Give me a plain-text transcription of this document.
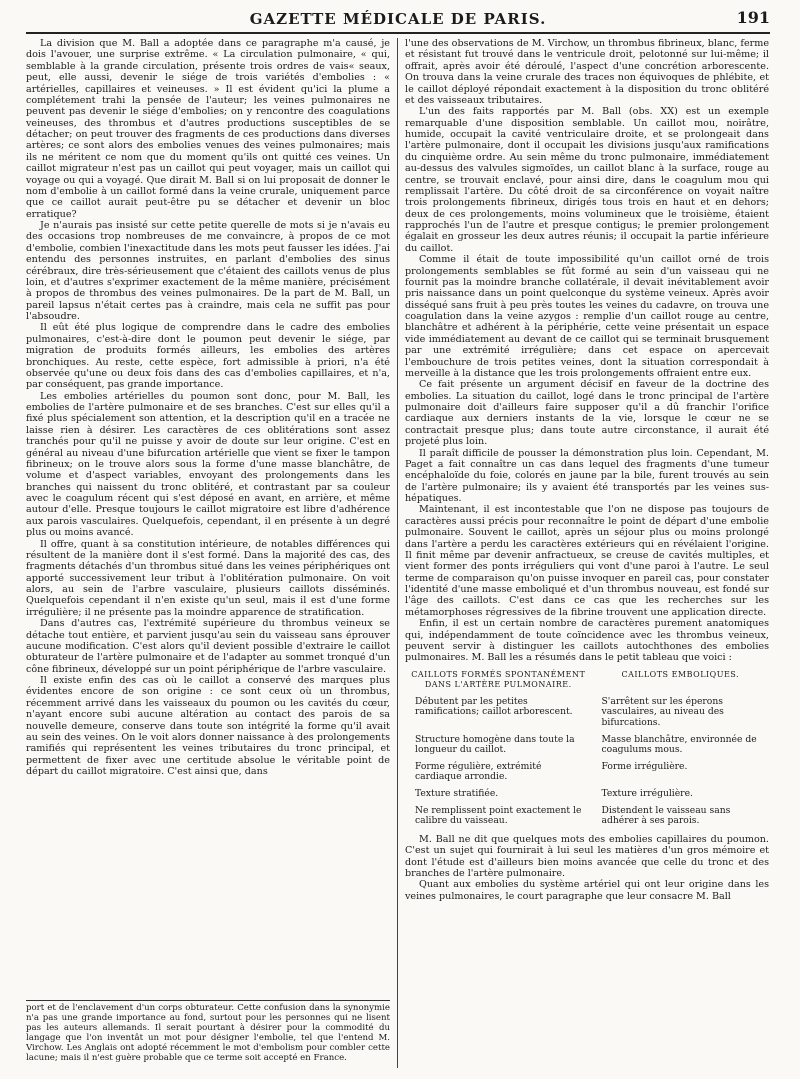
GAZETTE MÉDICALE DE PARIS.	191

La division que M. Ball a adoptée dans ce paragraphe m'a causé, je dois l'avouer, une surprise extrême. « La circulation pulmonaire, « qui, semblable à la grande circulation, présente trois ordres de vais« seaux, peut, elle aussi, devenir le siége de trois variétés d'embolies : « artérielles, capillaires et veineuses. » Il est évident qu'ici la plume a complétement trahi la pensée de l'auteur; les veines pulmonaires ne peuvent pas devenir le siége d'embolies; on y rencontre des coagulations veineuses, des thrombus et d'autres productions susceptibles de se détacher; on peut trouver des fragments de ces productions dans diverses artères; ce sont alors des embolies venues des veines pulmonaires; mais ils ne méritent ce nom que du moment qu'ils ont quitté ces veines. Un caillot migrateur n'est pas un caillot qui peut voyager, mais un caillot qui voyage ou qui a voyagé. Que dirait M. Ball si on lui proposait de donner le nom d'embolie à un caillot formé dans la veine crurale, uniquement parce que ce caillot aurait peut-être pu se détacher et devenir un bloc erratique?

Je n'aurais pas insisté sur cette petite querelle de mots si je n'avais eu des occasions trop nombreuses de me convaincre, à propos de ce mot d'embolie, combien l'inexactitude dans les mots peut fausser les idées. J'ai entendu des personnes instruites, en parlant d'embolies des sinus cérébraux, dire très-sérieusement que c'étaient des caillots venus de plus loin, et d'autres s'exprimer exactement de la même manière, précisément à propos de thrombus des veines pulmonaires. De la part de M. Ball, un pareil lapsus n'était certes pas à craindre, mais cela ne suffit pas pour l'absoudre.

Il eût été plus logique de comprendre dans le cadre des embolies pulmonaires, c'est-à-dire dont le poumon peut devenir le siége, par migration de produits formés ailleurs, les embolies des artères bronchiques. Au reste, cette espèce, fort admissible à priori, n'a été observée qu'une ou deux fois dans des cas d'embolies capillaires, et n'a, par conséquent, pas grande importance.

Les embolies artérielles du poumon sont donc, pour M. Ball, les embolies de l'artère pulmonaire et de ses branches. C'est sur elles qu'il a fixé plus spécialement son attention, et la description qu'il en a tracée ne laisse rien à désirer. Les caractères de ces oblitérations sont assez tranchés pour qu'il ne puisse y avoir de doute sur leur origine. C'est en général au niveau d'une bifurcation artérielle que vient se fixer le tampon fibrineux; on le trouve alors sous la forme d'une masse blanchâtre, de volume et d'aspect variables, envoyant des prolongements dans les branches qui naissent du tronc oblitéré, et contrastant par sa couleur avec le coagulum récent qui s'est déposé en avant, en arrière, et même autour d'elle. Presque toujours le caillot migratoire est libre d'adhérence aux parois vasculaires. Quelquefois, cependant, il en présente à un degré plus ou moins avancé.

Il offre, quant à sa constitution intérieure, de notables différences qui résultent de la manière dont il s'est formé. Dans la majorité des cas, des fragments détachés d'un thrombus situé dans les veines périphériques ont apporté successivement leur tribut à l'oblitération pulmonaire. On voit alors, au sein de l'arbre vasculaire, plusieurs caillots disséminés. Quelquefois cependant il n'en existe qu'un seul, mais il est d'une forme irrégulière; il ne présente pas la moindre apparence de stratification.

Dans d'autres cas, l'extrémité supérieure du thrombus veineux se détache tout entière, et parvient jusqu'au sein du vaisseau sans éprouver aucune modification. C'est alors qu'il devient possible d'extraire le caillot obturateur de l'artère pulmonaire et de l'adapter au sommet tronqué d'un cône fibrineux, développé sur un point périphérique de l'arbre vasculaire.

Il existe enfin des cas où le caillot a conservé des marques plus évidentes encore de son origine : ce sont ceux où un thrombus, récemment arrivé dans les vaisseaux du poumon ou les cavités du cœur, n'ayant encore subi aucune altération au contact des parois de sa nouvelle demeure, conserve dans toute son intégrité la forme qu'il avait au sein des veines. On le voit alors donner naissance à des prolongements ramifiés qui représentent les veines tributaires du tronc principal, et permettent de fixer avec une certitude absolue le véritable point de départ du caillot migratoire. C'est ainsi que, dans

port et de l'enclavement d'un corps obturateur. Cette confusion dans la synonymie n'a pas une grande importance au fond, surtout pour les personnes qui ne lisent pas les auteurs allemands. Il serait pourtant à désirer pour la commodité du langage que l'on inventât un mot pour désigner l'embolie, tel que l'entend M. Virchow. Les Anglais ont adopté récemment le mot d'embolism pour combler cette lacune; mais il n'est guère probable que ce terme soit accepté en France.

l'une des observations de M. Virchow, un thrombus fibrineux, blanc, ferme et résistant fut trouvé dans le ventricule droit, pelotonné sur lui-même; il offrait, après avoir été déroulé, l'aspect d'une concrétion arborescente. On trouva dans la veine crurale des traces non équivoques de phlébite, et le caillot déployé répondait exactement à la disposition du tronc oblitéré et des vaisseaux tributaires.

L'un des faits rapportés par M. Ball (obs. XX) est un exemple remarquable d'une disposition semblable. Un caillot mou, noirâtre, humide, occupait la cavité ventriculaire droite, et se prolongeait dans l'artère pulmonaire, dont il occupait les divisions jusqu'aux ramifications du cinquième ordre. Au sein même du tronc pulmonaire, immédiatement au-dessus des valvules sigmoïdes, un caillot blanc à la surface, rouge au centre, se trouvait enclavé, pour ainsi dire, dans le coagulum mou qui remplissait l'artère. Du côté droit de sa circonférence on voyait naître trois prolongements fibrineux, dirigés tous trois en haut et en dehors; deux de ces prolongements, moins volumineux que le troisième, étaient rapprochés l'un de l'autre et presque contigus; le premier prolongement égalait en grosseur les deux autres réunis; il occupait la partie inférieure du caillot.

Comme il était de toute impossibilité qu'un caillot orné de trois prolongements semblables se fût formé au sein d'un vaisseau qui ne fournit pas la moindre branche collatérale, il devait inévitablement avoir pris naissance dans un point quelconque du système veineux. Après avoir disséqué sans fruit à peu près toutes les veines du cadavre, on trouva une coagulation dans la veine azygos : remplie d'un caillot rouge au centre, blanchâtre et adhérent à la périphérie, cette veine présentait un espace vide immédiatement au devant de ce caillot qui se terminait brusquement par une extrémité irrégulière; dans cet espace on apercevait l'embouchure de trois petites veines, dont la situation correspondait à merveille à la distance que les trois prolongements offraient entre eux.

Ce fait présente un argument décisif en faveur de la doctrine des embolies. La situation du caillot, logé dans le tronc principal de l'artère pulmonaire doit d'ailleurs faire supposer qu'il a dû franchir l'orifice cardiaque aux derniers instants de la vie, lorsque le cœur ne se contractait presque plus; dans toute autre circonstance, il aurait été projeté plus loin.

Il paraît difficile de pousser la démonstration plus loin. Cependant, M. Paget a fait connaître un cas dans lequel des fragments d'une tumeur encéphaloïde du foie, colorés en jaune par la bile, furent trouvés au sein de l'artère pulmonaire; ils y avaient été transportés par les veines sus-hépatiques.

Maintenant, il est incontestable que l'on ne dispose pas toujours de caractères aussi précis pour reconnaître le point de départ d'une embolie pulmonaire. Souvent le caillot, après un séjour plus ou moins prolongé dans l'artère a perdu les caractères extérieurs qui en révélaient l'origine. Il finit même par devenir anfractueux, se creuse de cavités multiples, et vient former des ponts irréguliers qui vont d'une paroi à l'autre. Le seul terme de comparaison qu'on puisse invoquer en pareil cas, pour constater l'identité d'une masse emboliqué et d'un thrombus nouveau, est fondé sur l'âge des caillots. C'est dans ce cas que les recherches sur les métamorphoses régressives de la fibrine trouvent une application directe.

Enfin, il est un certain nombre de caractères purement anatomiques qui, indépendamment de toute coïncidence avec les thrombus veineux, peuvent servir à distinguer les caillots autochthones des embolies pulmonaires. M. Ball les a résumés dans le petit tableau que voici :

CAILLOTS FORMÉS SPONTANÉMENT DANS L'ARTÈRE PULMONAIRE.	CAILLOTS EMBOLIQUES.
Débutent par les petites ramifications; caillot arborescent.	S'arrêtent sur les éperons vasculaires, au niveau des bifurcations.
Structure homogène dans toute la longueur du caillot.	Masse blanchâtre, environnée de coagulums mous.
Forme régulière, extrémité cardiaque arrondie.	Forme irrégulière.
Texture stratifiée.	Texture irrégulière.
Ne remplissent point exactement le calibre du vaisseau.	Distendent le vaisseau sans adhérer à ses parois.

M. Ball ne dit que quelques mots des embolies capillaires du poumon. C'est un sujet qui fournirait à lui seul les matières d'un gros mémoire et dont l'étude est d'ailleurs bien moins avancée que celle du tronc et des branches de l'artère pulmonaire.

Quant aux embolies du système artériel qui ont leur origine dans les veines pulmonaires, le court paragraphe que leur consacre M. Ball
